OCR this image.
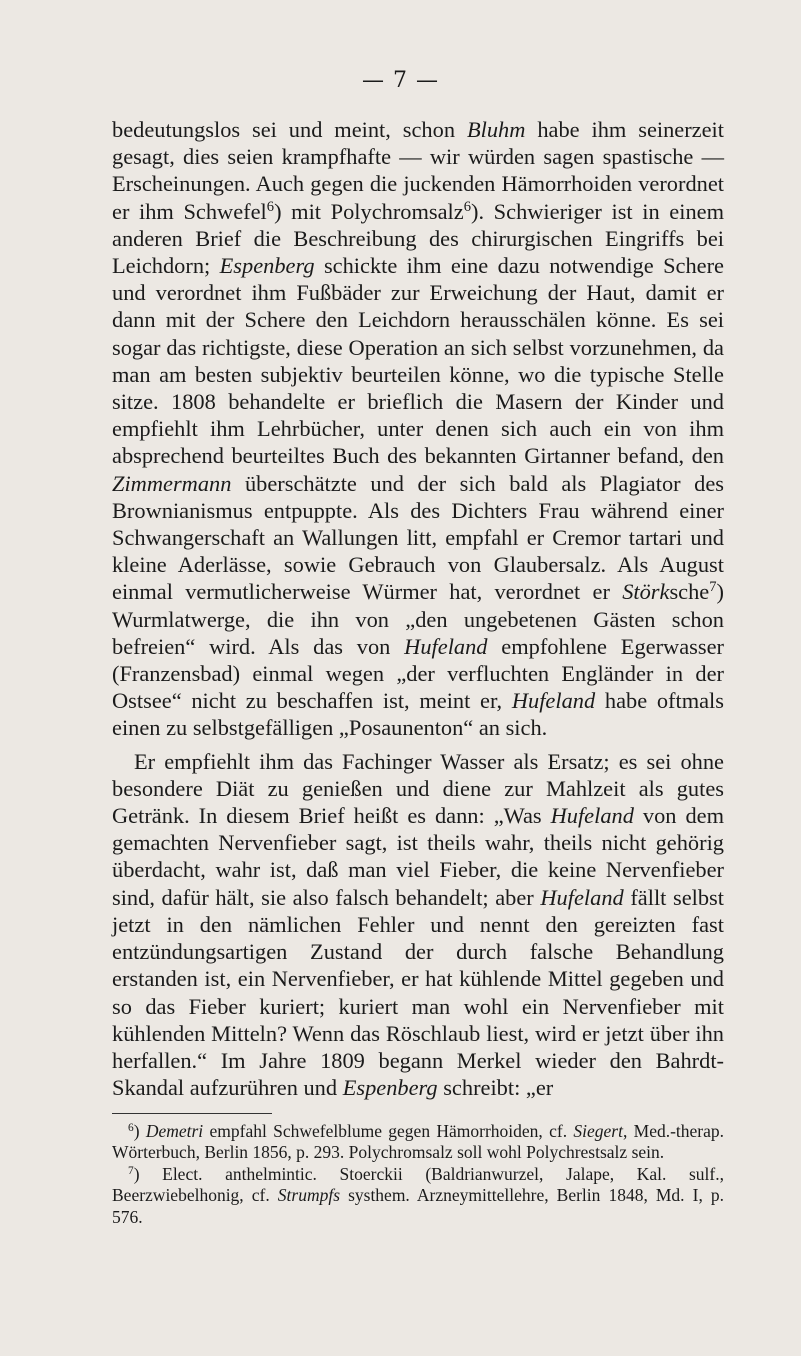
— 7 —

bedeutungslos sei und meint, schon Bluhm habe ihm seinerzeit gesagt, dies seien krampfhafte — wir würden sagen spastische — Erscheinungen. Auch gegen die juckenden Hämorrhoiden verordnet er ihm Schwefel$^6$) mit Polychromsalz$^6$). Schwieriger ist in einem anderen Brief die Beschreibung des chirurgischen Eingriffs bei Leichdorn; Espenberg schickte ihm eine dazu notwendige Schere und verordnet ihm Fußbäder zur Erweichung der Haut, damit er dann mit der Schere den Leichdorn herausschälen könne. Es sei sogar das richtigste, diese Operation an sich selbst vorzunehmen, da man am besten subjektiv beurteilen könne, wo die typische Stelle sitze. 1808 behandelte er brieflich die Masern der Kinder und empfiehlt ihm Lehrbücher, unter denen sich auch ein von ihm absprechend beurteiltes Buch des bekannten Girtanner befand, den Zimmermann überschätzte und der sich bald als Plagiator des Brownianismus entpuppte. Als des Dichters Frau während einer Schwangerschaft an Wallungen litt, empfahl er Cremor tartari und kleine Aderlässe, sowie Gebrauch von Glaubersalz. Als August einmal vermutlicherweise Würmer hat, verordnet er Störksche$^7$) Wurmlatwerge, die ihn von „den ungebetenen Gästen schon befreien“ wird. Als das von Hufeland empfohlene Egerwasser (Franzensbad) einmal wegen „der verfluchten Engländer in der Ostsee“ nicht zu beschaffen ist, meint er, Hufeland habe oftmals einen zu selbstgefälligen „Posaunenton“ an sich.

Er empfiehlt ihm das Fachinger Wasser als Ersatz; es sei ohne besondere Diät zu genießen und diene zur Mahlzeit als gutes Getränk. In diesem Brief heißt es dann: „Was Hufeland von dem gemachten Nervenfieber sagt, ist theils wahr, theils nicht gehörig überdacht, wahr ist, daß man viel Fieber, die keine Nervenfieber sind, dafür hält, sie also falsch behandelt; aber Hufeland fällt selbst jetzt in den nämlichen Fehler und nennt den gereizten fast entzündungsartigen Zustand der durch falsche Behandlung erstanden ist, ein Nervenfieber, er hat kühlende Mittel gegeben und so das Fieber kuriert; kuriert man wohl ein Nervenfieber mit kühlenden Mitteln? Wenn das Röschlaub liest, wird er jetzt über ihn herfallen.“ Im Jahre 1809 begann Merkel wieder den Bahrdt-Skandal aufzurühren und Espenberg schreibt: „er

$^6$) Demetri empfahl Schwefelblume gegen Hämorrhoiden, cf. Siegert, Med.-therap. Wörterbuch, Berlin 1856, p. 293. Polychromsalz soll wohl Polychrestsalz sein.

$^7$) Elect. anthelmintic. Stoerckii (Baldrianwurzel, Jalape, Kal. sulf., Beerzwiebelhonig, cf. Strumpfs systhem. Arzneymittellehre, Berlin 1848, Md. I, p. 576.
